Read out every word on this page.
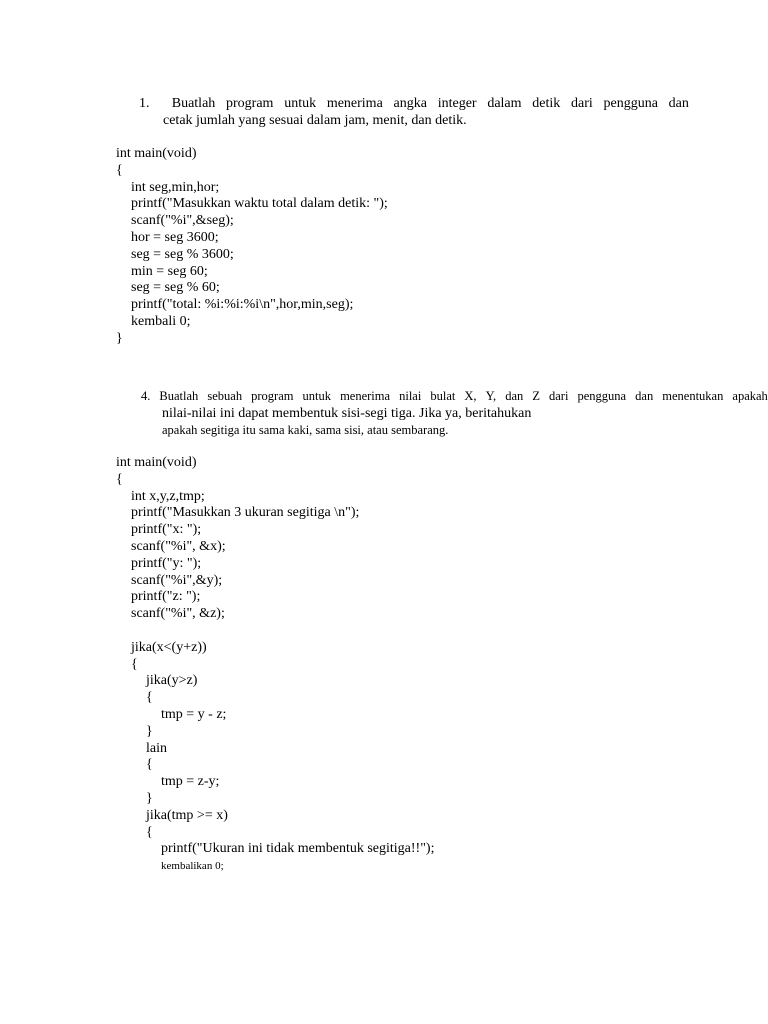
1.	Buatlah program untuk menerima angka integer dalam detik dari pengguna dan
cetak jumlah yang sesuai dalam jam, menit, dan detik.
int main(void)
{
int seg,min,hor;
printf("Masukkan waktu total dalam detik: ");
scanf("%i",&seg);
hor = seg 3600;
seg = seg % 3600;
min = seg 60;
seg = seg % 60;
printf("total: %i:%i:%i\n",hor,min,seg);
kembali 0;
}
4. Buatlah sebuah program untuk menerima nilai bulat X, Y, dan Z dari pengguna dan menentukan apakah
nilai-nilai ini dapat membentuk sisi-segi tiga. Jika ya, beritahukan
apakah segitiga itu sama kaki, sama sisi, atau sembarang.
int main(void)
{
int x,y,z,tmp;
printf("Masukkan 3 ukuran segitiga \n");
printf("x: ");
scanf("%i", &x);
printf("y: ");
scanf("%i",&y);
printf("z: ");
scanf("%i", &z);
jika(x<(y+z))
{
jika(y>z)
{
tmp = y - z;
}
lain
{
tmp = z-y;
}
jika(tmp >= x)
{
printf("Ukuran ini tidak membentuk segitiga!!");
kembalikan 0;
